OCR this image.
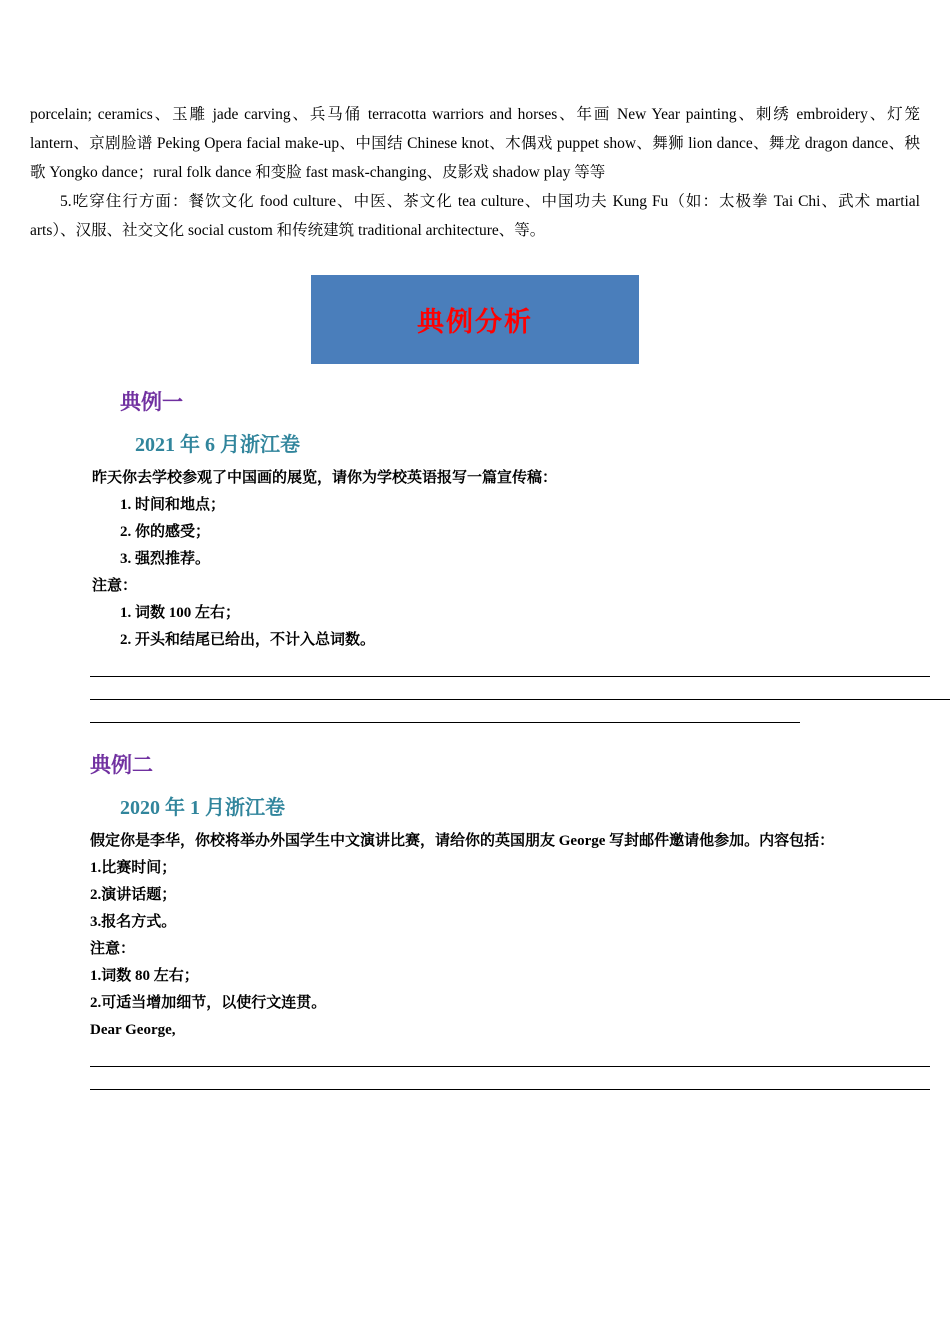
porcelain; ceramics、玉雕 jade carving、兵马俑 terracotta warriors and horses、年画 New Year painting、刺绣 embroidery、灯笼 lantern、京剧脸谱 Peking Opera facial make-up、中国结 Chinese knot、木偶戏 puppet show、舞狮 lion dance、舞龙 dragon dance、秧歌 Yongko dance；rural folk dance 和变脸 fast mask-changing、皮影戏 shadow play 等等

5.吃穿住行方面：餐饮文化 food culture、中医、茶文化 tea culture、中国功夫 Kung Fu（如：太极拳 Tai Chi、武术 martial arts）、汉服、社交文化 social custom 和传统建筑 traditional architecture、等。

典例分析
典例一
2021 年 6 月浙江卷

昨天你去学校参观了中国画的展览，请你为学校英语报写一篇宣传稿：

1. 时间和地点；

2. 你的感受；

3. 强烈推荐。

注意：

1. 词数 100 左右；

2. 开头和结尾已给出，不计入总词数。

典例二
2020 年 1 月浙江卷

假定你是李华，你校将举办外国学生中文演讲比赛，请给你的英国朋友 George 写封邮件邀请他参加。内容包括：

1.比赛时间；

2.演讲话题；

3.报名方式。

注意：

1.词数 80 左右；

2.可适当增加细节，以使行文连贯。

Dear George,
